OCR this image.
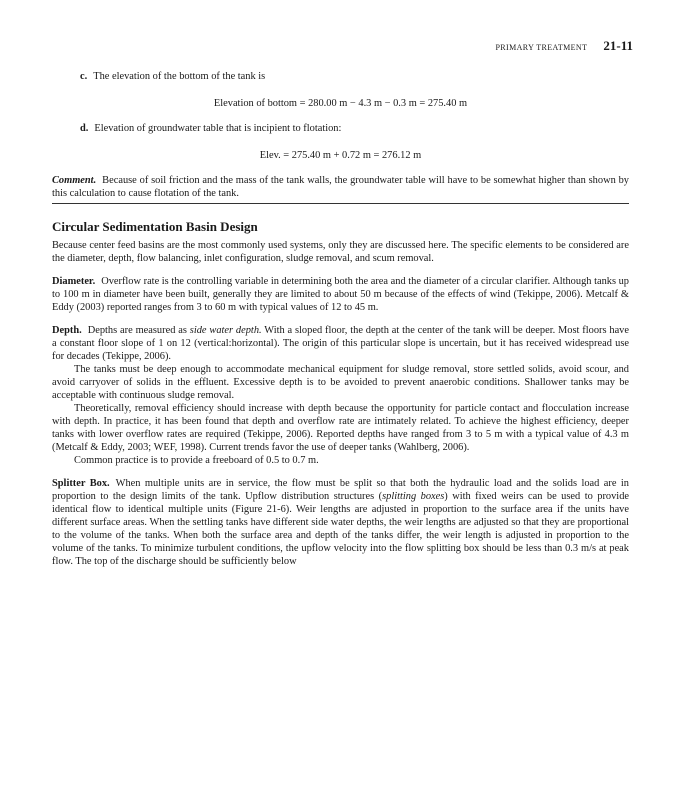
PRIMARY TREATMENT 21-11
c. The elevation of the bottom of the tank is
Elevation of bottom = 280.00 m − 4.3 m − 0.3 m = 275.40 m
d. Elevation of groundwater table that is incipient to flotation:
Elev. = 275.40 m + 0.72 m = 276.12 m

Comment. Because of soil friction and the mass of the tank walls, the groundwater table will have to be somewhat higher than shown by this calculation to cause flotation of the tank.

Circular Sedimentation Basin Design

Because center feed basins are the most commonly used systems, only they are discussed here. The specific elements to be considered are the diameter, depth, flow balancing, inlet configuration, sludge removal, and scum removal.

Diameter. Overflow rate is the controlling variable in determining both the area and the diameter of a circular clarifier. Although tanks up to 100 m in diameter have been built, generally they are limited to about 50 m because of the effects of wind (Tekippe, 2006). Metcalf & Eddy (2003) reported ranges from 3 to 60 m with typical values of 12 to 45 m.

Depth. Depths are measured as side water depth. With a sloped floor, the depth at the center of the tank will be deeper. Most floors have a constant floor slope of 1 on 12 (vertical:horizontal). The origin of this particular slope is uncertain, but it has received widespread use for decades (Tekippe, 2006).

The tanks must be deep enough to accommodate mechanical equipment for sludge removal, store settled solids, avoid scour, and avoid carryover of solids in the effluent. Excessive depth is to be avoided to prevent anaerobic conditions. Shallower tanks may be acceptable with continuous sludge removal.

Theoretically, removal efficiency should increase with depth because the opportunity for particle contact and flocculation increase with depth. In practice, it has been found that depth and overflow rate are intimately related. To achieve the highest efficiency, deeper tanks with lower overflow rates are required (Tekippe, 2006). Reported depths have ranged from 3 to 5 m with a typical value of 4.3 m (Metcalf & Eddy, 2003; WEF, 1998). Current trends favor the use of deeper tanks (Wahlberg, 2006).

Common practice is to provide a freeboard of 0.5 to 0.7 m.

Splitter Box. When multiple units are in service, the flow must be split so that both the hydraulic load and the solids load are in proportion to the design limits of the tank. Upflow distribution structures (splitting boxes) with fixed weirs can be used to provide identical flow to identical multiple units (Figure 21-6). Weir lengths are adjusted in proportion to the surface area if the units have different surface areas. When the settling tanks have different side water depths, the weir lengths are adjusted so that they are proportional to the volume of the tanks. When both the surface area and depth of the tanks differ, the weir length is adjusted in proportion to the volume of the tanks. To minimize turbulent conditions, the upflow velocity into the flow splitting box should be less than 0.3 m/s at peak flow. The top of the discharge should be sufficiently below
